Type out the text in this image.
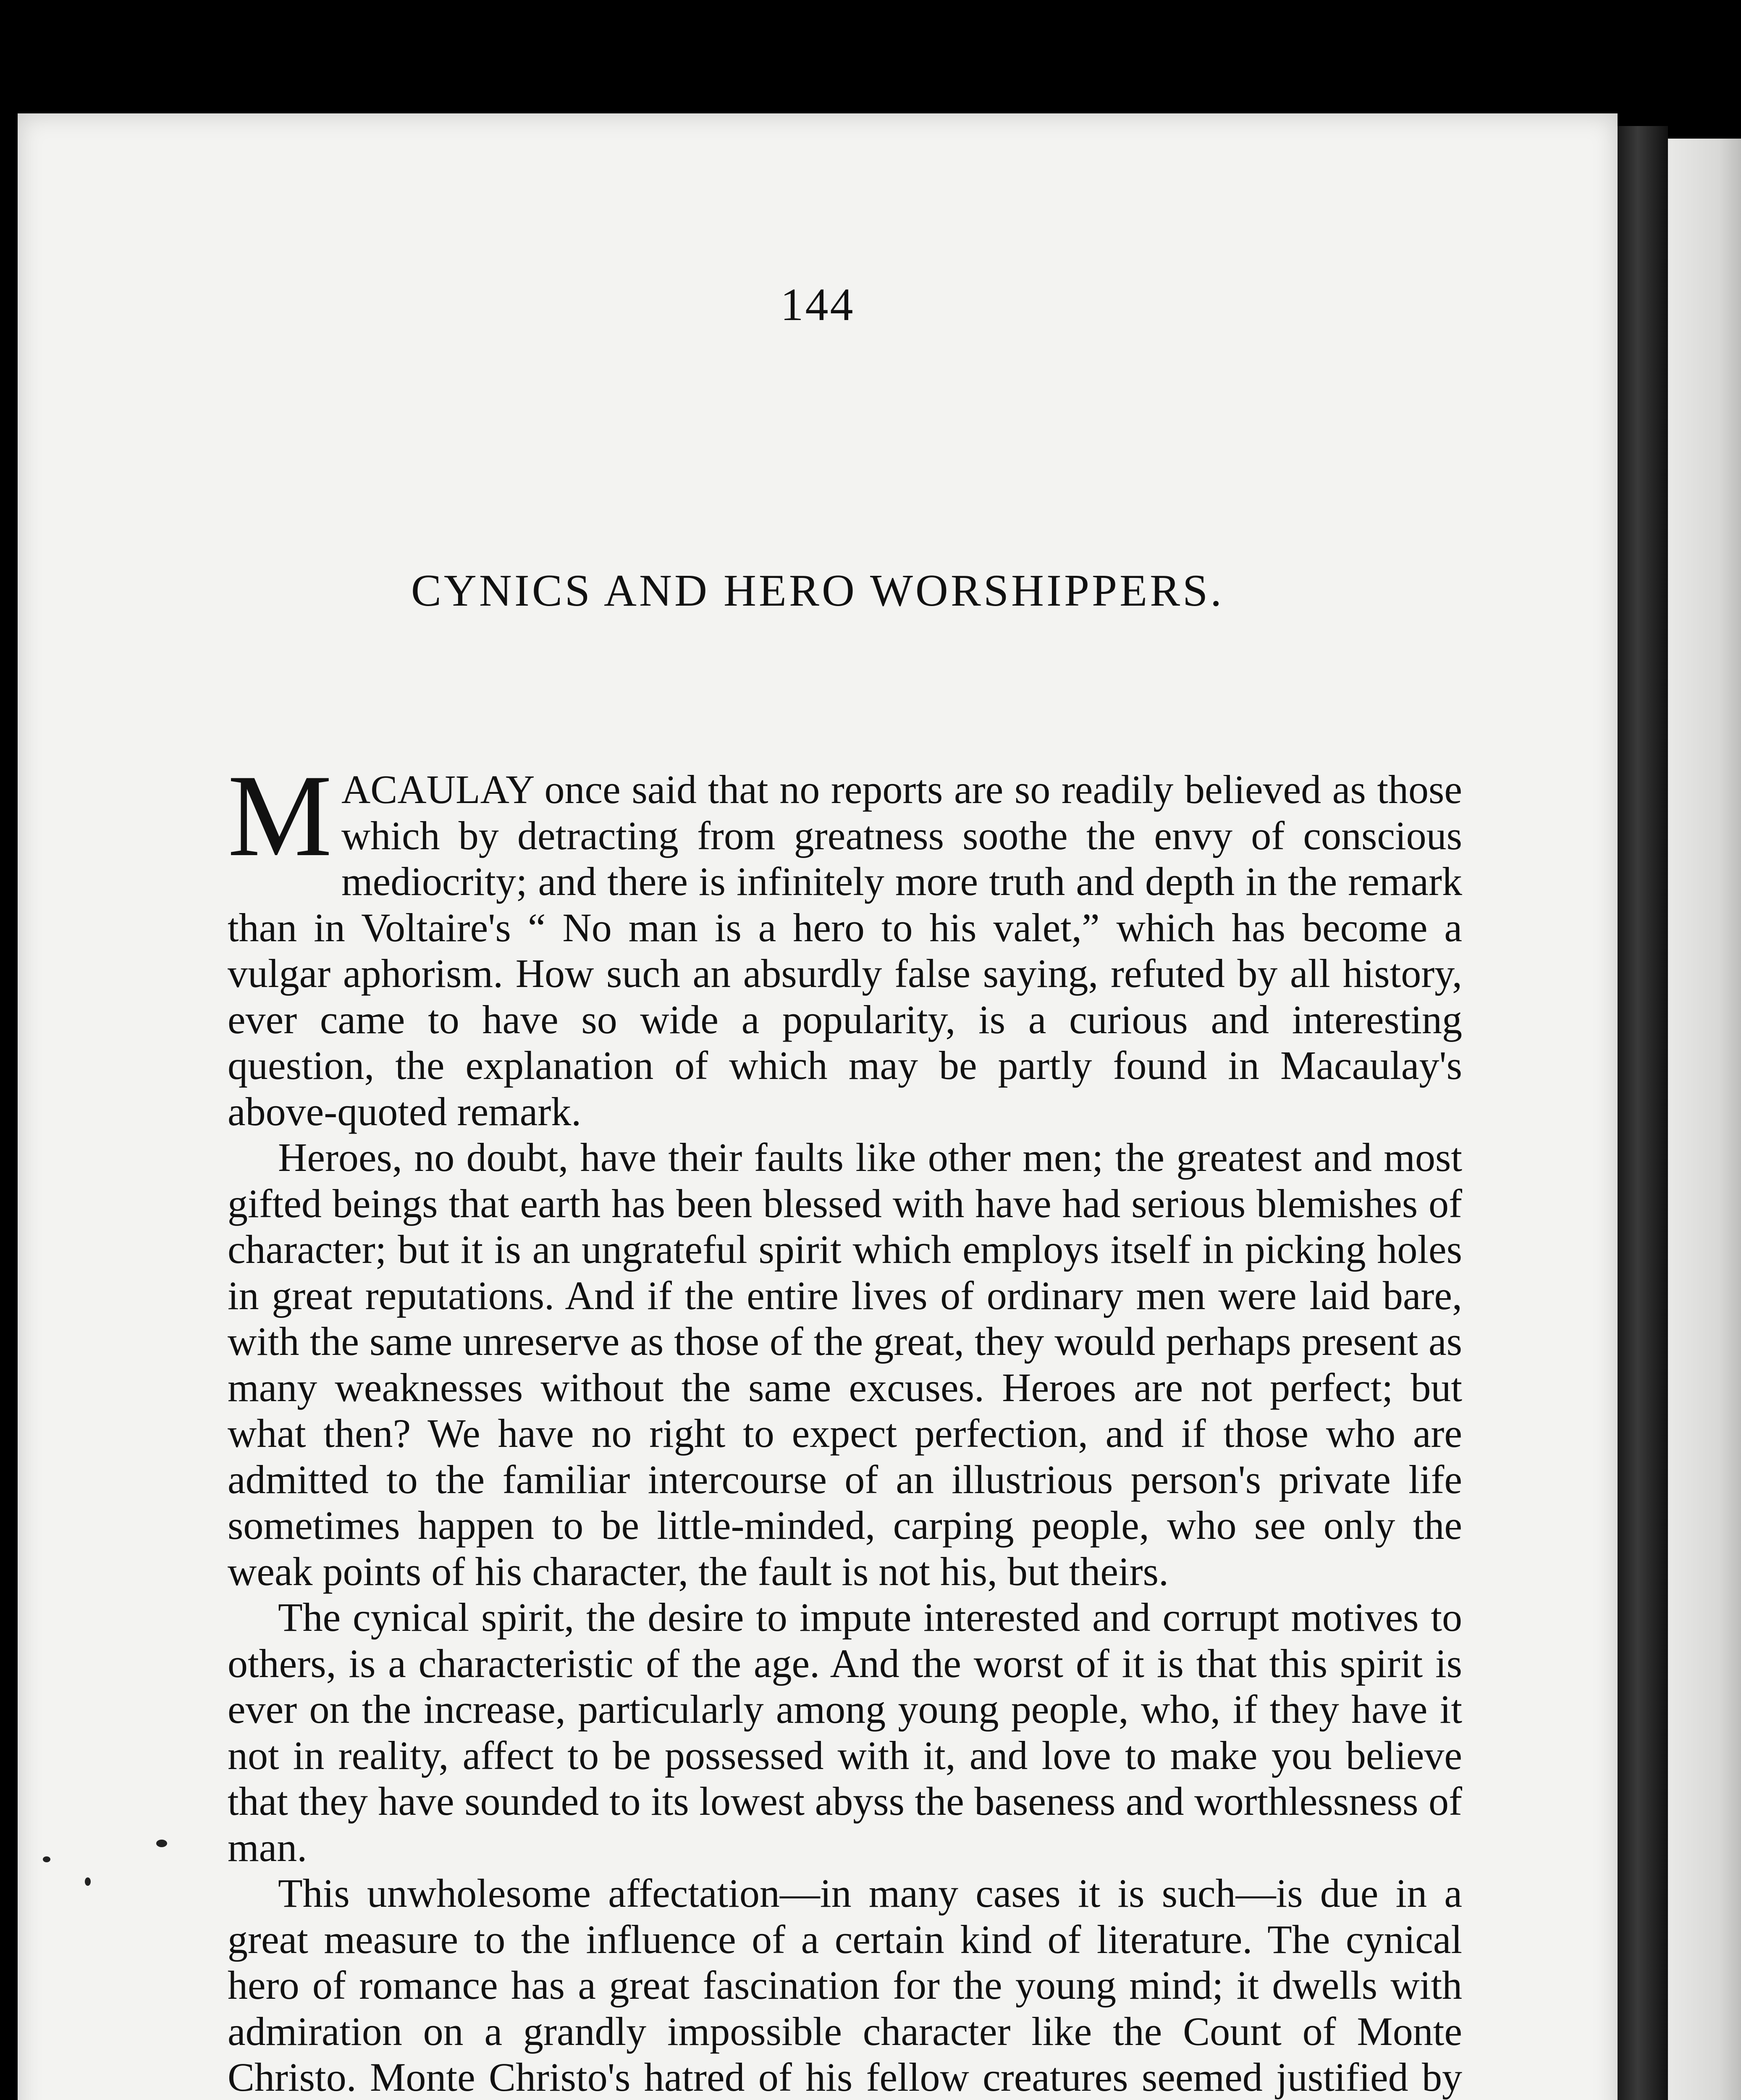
144
CYNICS AND HERO WORSHIPPERS.

MACAULAY once said that no reports are so readily believed as those which by detracting from greatness soothe the envy of conscious mediocrity; and there is infinitely more truth and depth in the remark than in Voltaire's “ No man is a hero to his valet,” which has become a vulgar aphorism. How such an absurdly false saying, refuted by all history, ever came to have so wide a popularity, is a curious and interesting question, the explanation of which may be partly found in Macaulay's above-quoted remark.

Heroes, no doubt, have their faults like other men; the greatest and most gifted beings that earth has been blessed with have had serious blemishes of character; but it is an ungrateful spirit which employs itself in picking holes in great reputations. And if the entire lives of ordinary men were laid bare, with the same unreserve as those of the great, they would perhaps present as many weaknesses without the same excuses. Heroes are not perfect; but what then? We have no right to expect perfection, and if those who are admitted to the familiar intercourse of an illustrious person's private life sometimes happen to be little-minded, carping people, who see only the weak points of his character, the fault is not his, but theirs.

The cynical spirit, the desire to impute interested and corrupt motives to others, is a characteristic of the age. And the worst of it is that this spirit is ever on the increase, particularly among young people, who, if they have it not in reality, affect to be possessed with it, and love to make you believe that they have sounded to its lowest abyss the baseness and worthlessness of man.

This unwholesome affectation—in many cases it is such—is due in a great measure to the influence of a certain kind of literature. The cynical hero of romance has a great fascination for the young mind; it dwells with admiration on a grandly impossible character like the Count of Monte Christo. Monte Christo's hatred of his fellow creatures seemed justified by
